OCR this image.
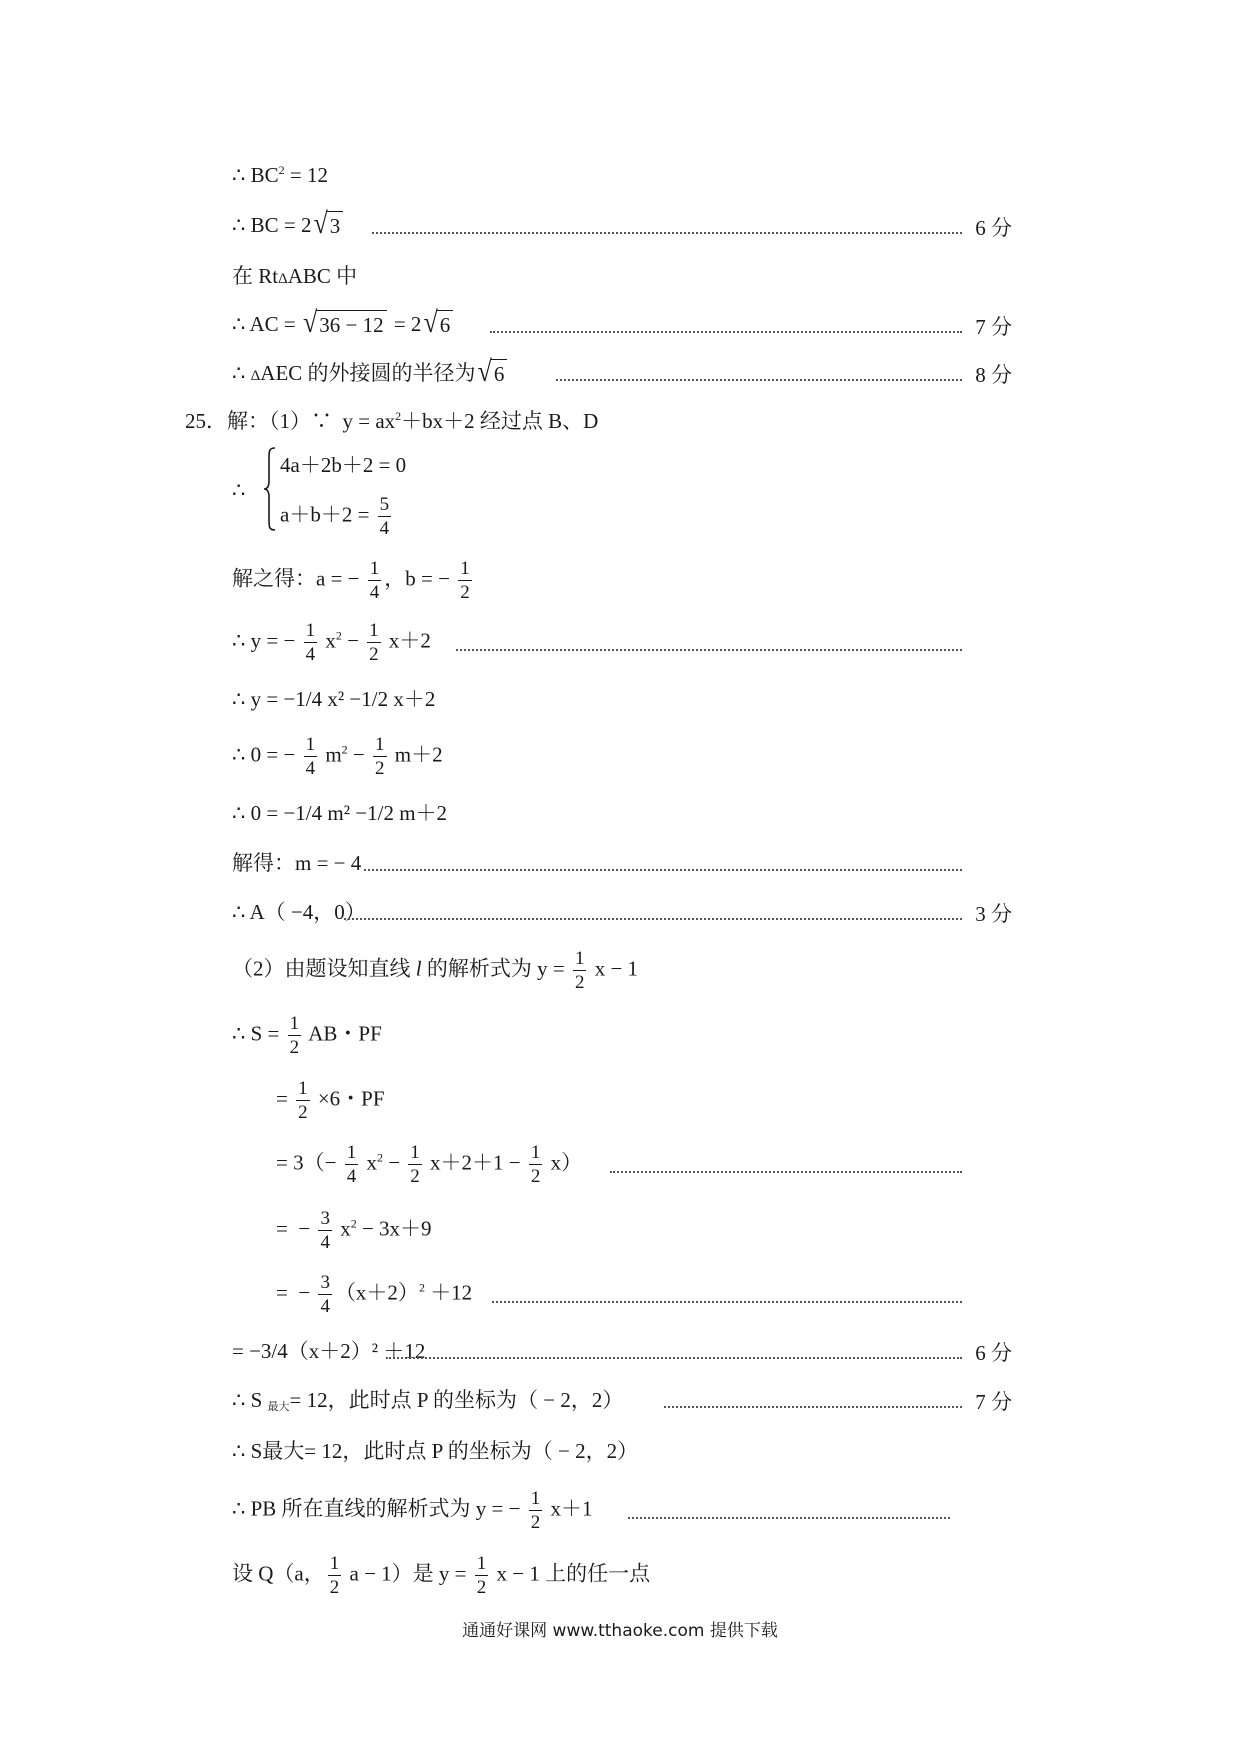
∴ $BC^2 = 12$
∴ BC = 2 √ 3	6 分
在 RtΔABC 中
∴ AC = √ 36 − 12 = 2 √ 6	7 分
∴ ΔAEC 的外接圆的半径为 √ 6	8 分
25．解：（1）∵  $y = ax^2+bx+2$ 经过点 B、D
∴
4a＋2b＋2 = 0
$a+b+2 = \frac{5}{4}$
解之得：a = − $\frac{1}{4}$ ，b = − $\frac{1}{2}$
∴ y = − $\frac{1}{4} x^2 - \frac{1}{2} x+2$
∴ y = −1/4 x² −1/2 x＋2
∴ 0 = − $\frac{1}{4} m^2 - \frac{1}{2} m+2$
∴ 0 = −1/4 m² −1/2 m＋2
解得：m = − 4
∴ A（ −4，0）	3 分
（2）由题设知直线 l 的解析式为 $y = \frac{1}{2}$ x − 1
∴ $S = \frac{1}{2}$ AB・PF
= $\frac{1}{2} \times 6$・PF
= $3(- \frac{1}{4} x^2 - \frac{1}{2} x+2+1 - \frac{1}{2} x)$
=  − $\frac{3}{4} x^2 - 3x+9$
=  − $\frac{3}{4} (x+2)^2 +12$
= −3/4（x＋2）² ＋12	6 分
∴ S $_{最大}$= 12，此时点 P 的坐标为（ − 2，2）	7 分
∴ S最大= 12，此时点 P 的坐标为（ − 2，2）
∴ PB 所在直线的解析式为 y = − $\frac{1}{2} x+1$
设 Q（a， $\frac{1}{2}$ a − 1）是 $y = \frac{1}{2}$ x − 1 上的任一点
通通好课网 www.tthaoke.com 提供下载
